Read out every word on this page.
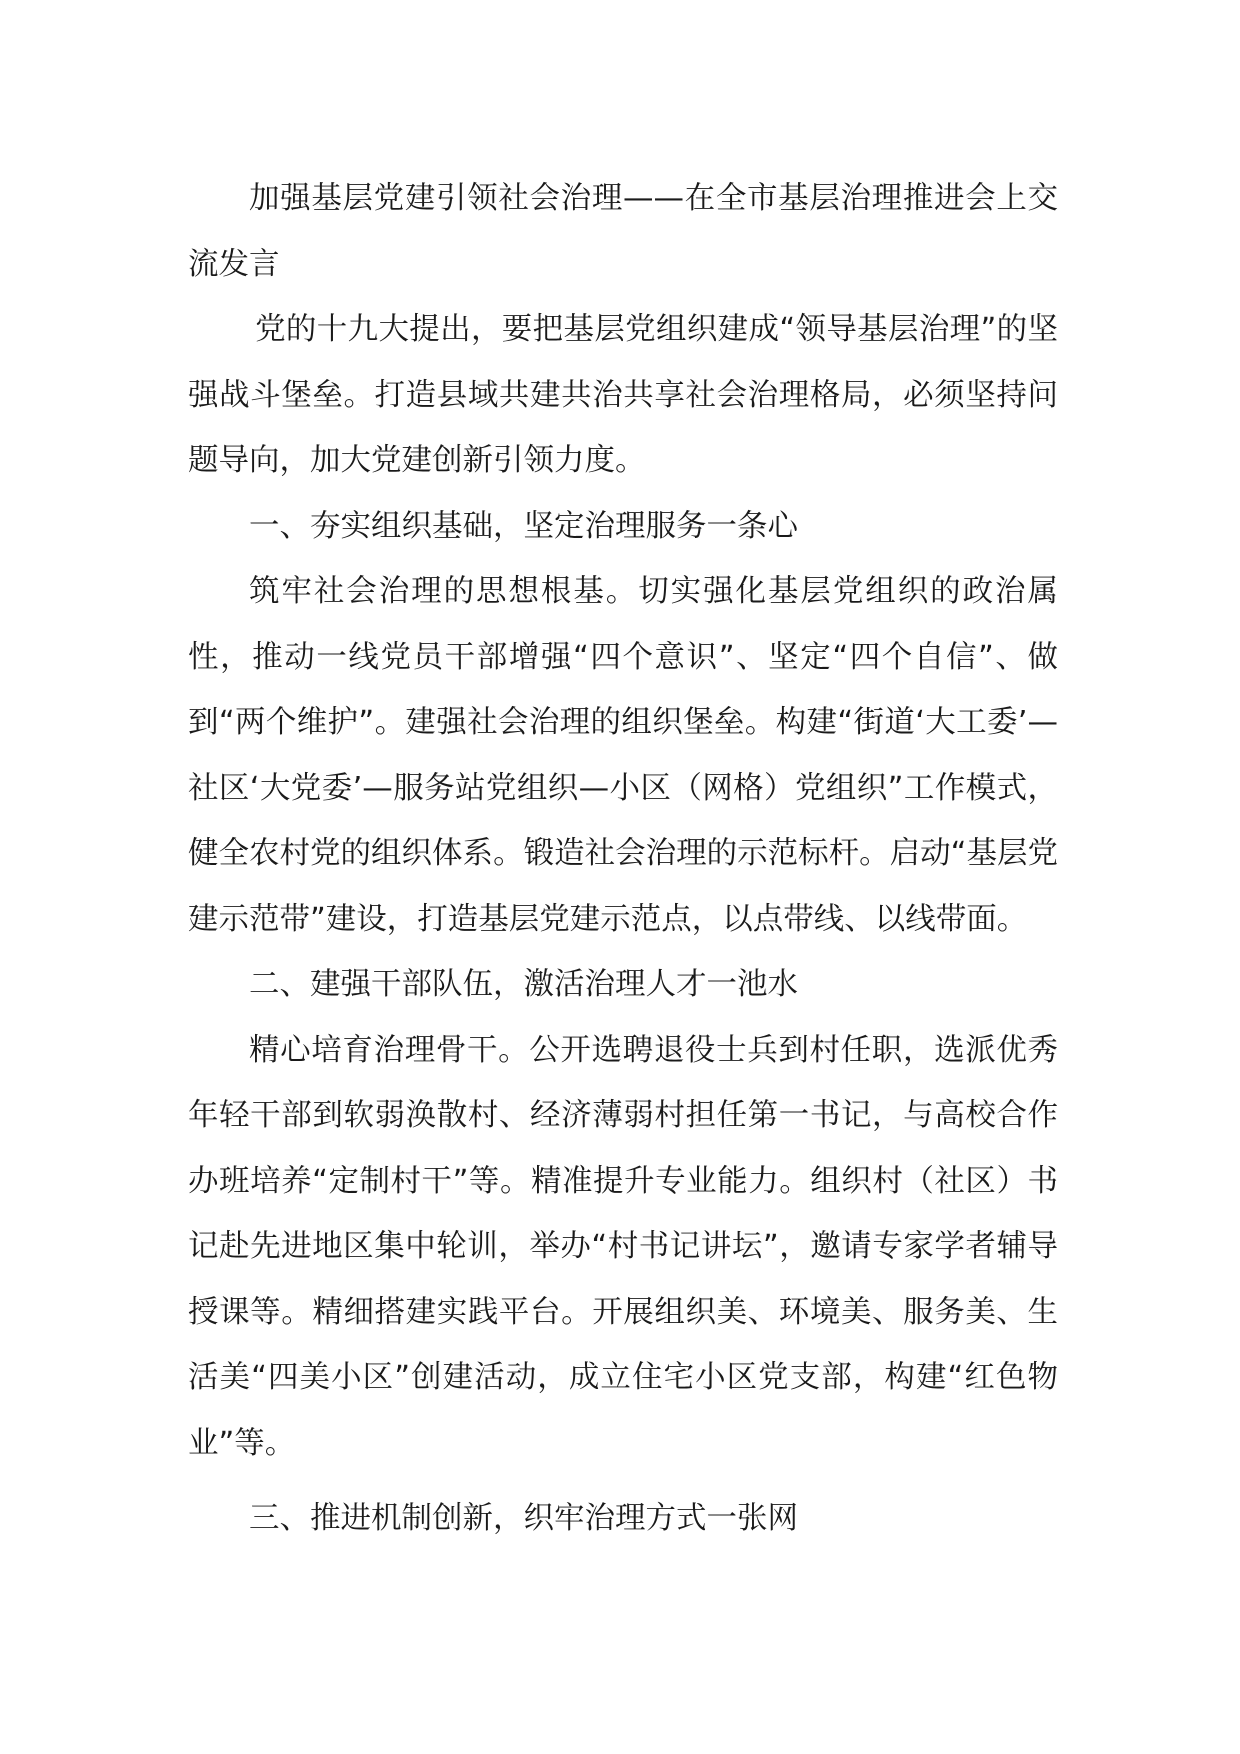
加强基层党建引领社会治理——在全市基层治理推进会上交流发言

党的十九大提出，要把基层党组织建成“领导基层治理”的坚强战斗堡垒。打造县域共建共治共享社会治理格局，必须坚持问题导向，加大党建创新引领力度。

一、夯实组织基础，坚定治理服务一条心

筑牢社会治理的思想根基。切实强化基层党组织的政治属性，推动一线党员干部增强“四个意识”、坚定“四个自信”、做到“两个维护”。建强社会治理的组织堡垒。构建“街道‘大工委’—社区‘大党委’—服务站党组织—小区（网格）党组织”工作模式，健全农村党的组织体系。锻造社会治理的示范标杆。启动“基层党建示范带”建设，打造基层党建示范点，以点带线、以线带面。

二、建强干部队伍，激活治理人才一池水

精心培育治理骨干。公开选聘退役士兵到村任职，选派优秀年轻干部到软弱涣散村、经济薄弱村担任第一书记，与高校合作办班培养“定制村干”等。精准提升专业能力。组织村（社区）书记赴先进地区集中轮训，举办“村书记讲坛”，邀请专家学者辅导授课等。精细搭建实践平台。开展组织美、环境美、服务美、生活美“四美小区”创建活动，成立住宅小区党支部，构建“红色物业”等。

三、推进机制创新，织牢治理方式一张网
